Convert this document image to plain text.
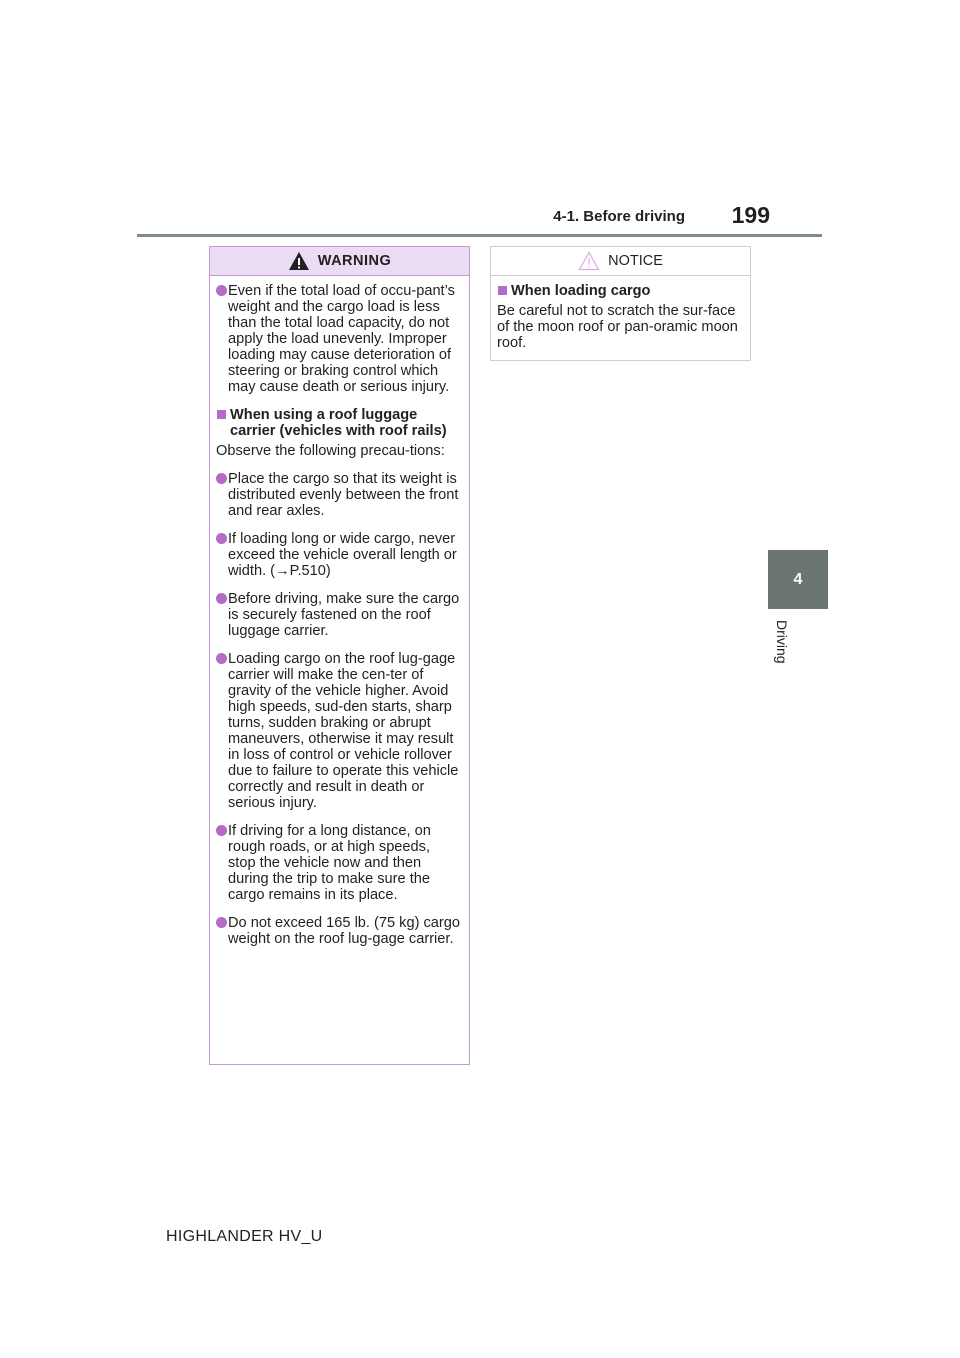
4-1. Before driving	199
4
Driving
WARNING
Even if the total load of occu-pant’s weight and the cargo load is less than the total load capacity, do not apply the load unevenly. Improper loading may cause deterioration of steering or braking control which may cause death or serious injury.
When using a roof luggage carrier (vehicles with roof rails)
Observe the following precau-tions:
Place the cargo so that its weight is distributed evenly between the front and rear axles.
If loading long or wide cargo, never exceed the vehicle overall length or width. (→P.510)
Before driving, make sure the cargo is securely fastened on the roof luggage carrier.
Loading cargo on the roof lug-gage carrier will make the cen-ter of gravity of the vehicle higher. Avoid high speeds, sud-den starts, sharp turns, sudden braking or abrupt maneuvers, otherwise it may result in loss of control or vehicle rollover due to failure to operate this vehicle correctly and result in death or serious injury.
If driving for a long distance, on rough roads, or at high speeds, stop the vehicle now and then during the trip to make sure the cargo remains in its place.
Do not exceed 165 lb. (75 kg) cargo weight on the roof lug-gage carrier.
NOTICE
When loading cargo
Be careful not to scratch the sur-face of the moon roof or pan-oramic moon roof.
HIGHLANDER HV_U
